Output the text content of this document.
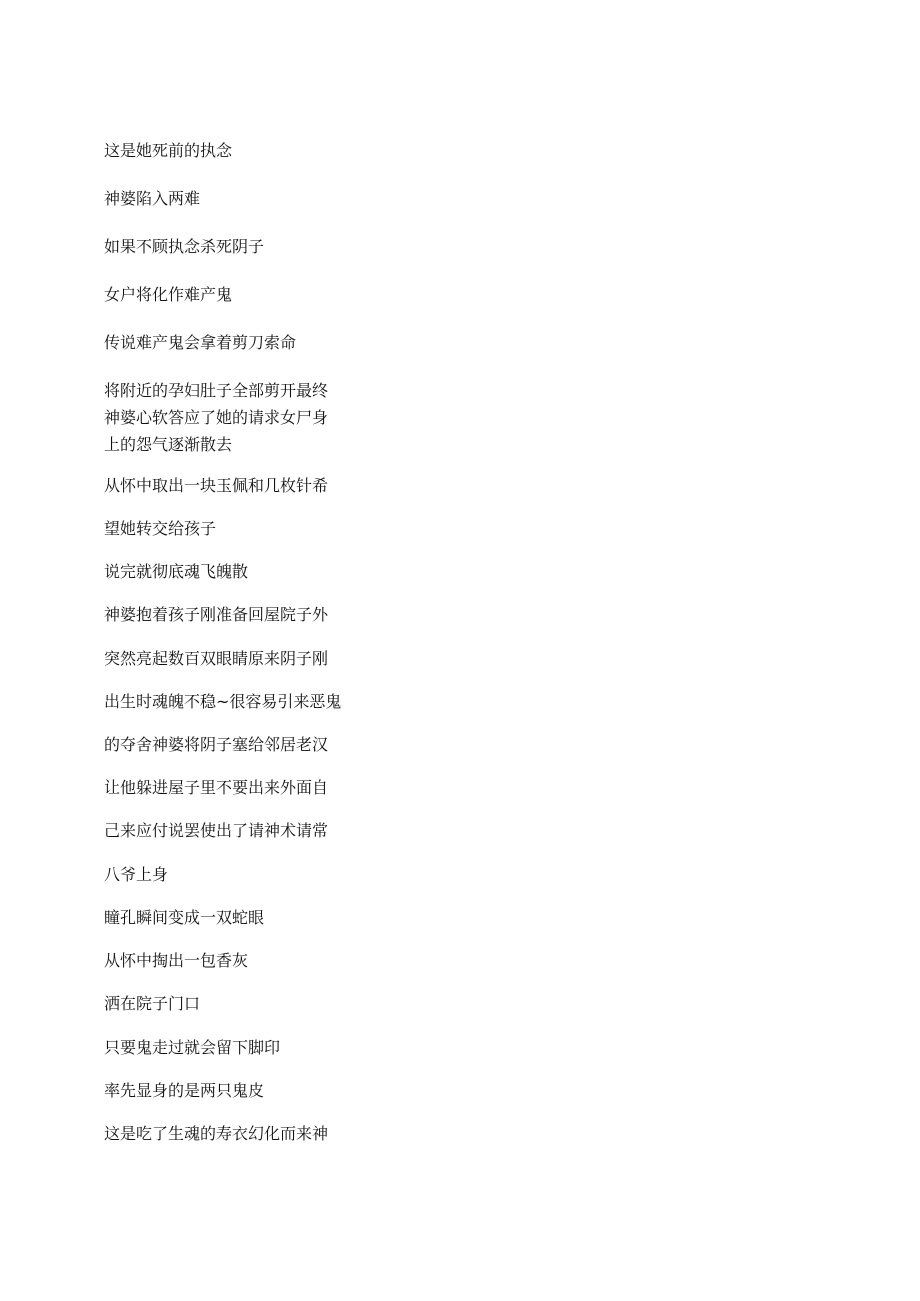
这是她死前的执念
神婆陷入两难
如果不顾执念杀死阴子
女户将化作难产鬼
传说难产鬼会拿着剪刀索命
将附近的孕妇肚子全部剪开最终
神婆心软答应了她的请求女尸身
上的怨气逐渐散去
从怀中取出一块玉佩和几枚针希
望她转交给孩子
说完就彻底魂飞魄散
神婆抱着孩子刚准备回屋院子外
突然亮起数百双眼睛原来阴子刚
出生时魂魄不稳~很容易引来恶鬼
的夺舍神婆将阴子塞给邻居老汉
让他躲进屋子里不要出来外面自
己来应付说罢使出了请神术请常
八爷上身
瞳孔瞬间变成一双蛇眼
从怀中掏出一包香灰
洒在院子门口
只要鬼走过就会留下脚印
率先显身的是两只鬼皮
这是吃了生魂的寿衣幻化而来神
